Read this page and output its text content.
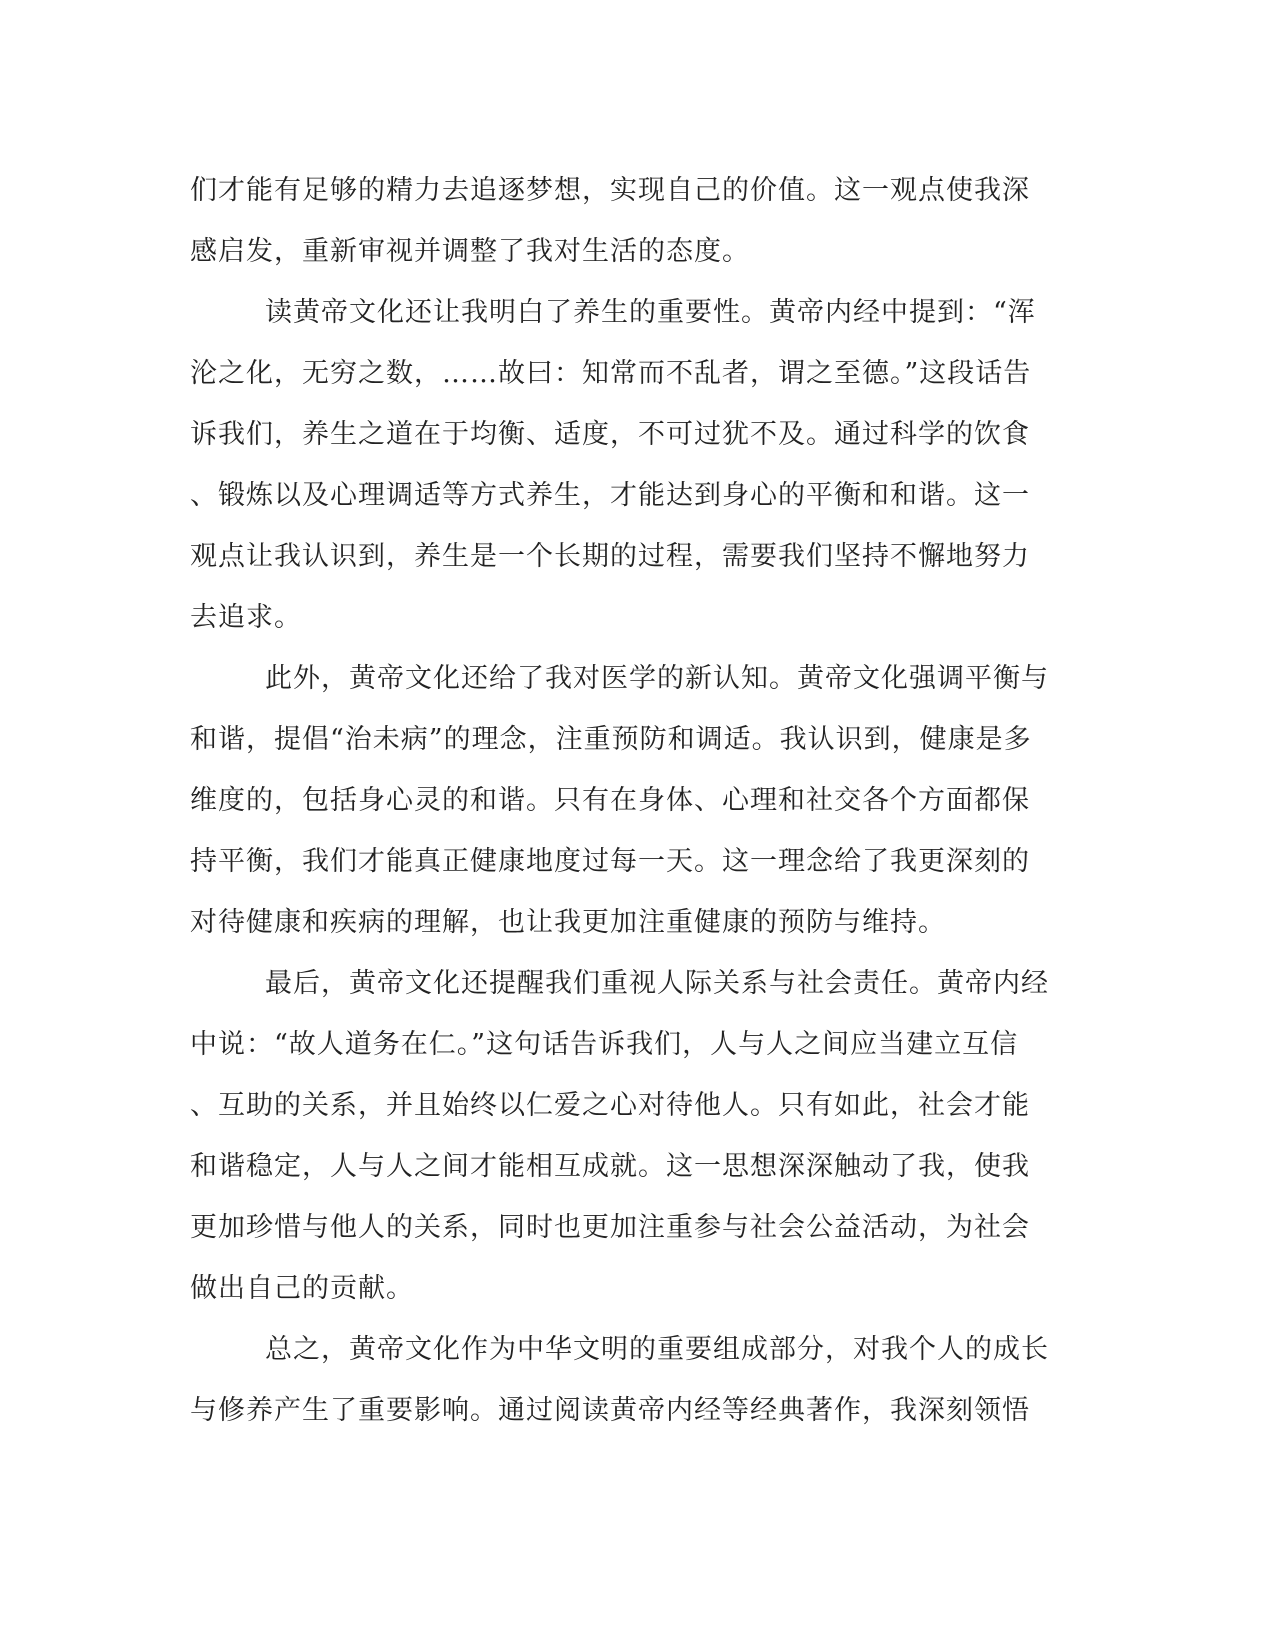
们才能有足够的精力去追逐梦想，实现自己的价值。这一观点使我深
感启发，重新审视并调整了我对生活的态度。
读黄帝文化还让我明白了养生的重要性。黄帝内经中提到：“浑
沦之化，无穷之数，……故曰：知常而不乱者，谓之至德。”这段话告
诉我们，养生之道在于均衡、适度，不可过犹不及。通过科学的饮食
、锻炼以及心理调适等方式养生，才能达到身心的平衡和和谐。这一
观点让我认识到，养生是一个长期的过程，需要我们坚持不懈地努力
去追求。
此外，黄帝文化还给了我对医学的新认知。黄帝文化强调平衡与
和谐，提倡“治未病”的理念，注重预防和调适。我认识到，健康是多
维度的，包括身心灵的和谐。只有在身体、心理和社交各个方面都保
持平衡，我们才能真正健康地度过每一天。这一理念给了我更深刻的
对待健康和疾病的理解，也让我更加注重健康的预防与维持。
最后，黄帝文化还提醒我们重视人际关系与社会责任。黄帝内经
中说：“故人道务在仁。”这句话告诉我们，人与人之间应当建立互信
、互助的关系，并且始终以仁爱之心对待他人。只有如此，社会才能
和谐稳定，人与人之间才能相互成就。这一思想深深触动了我，使我
更加珍惜与他人的关系，同时也更加注重参与社会公益活动，为社会
做出自己的贡献。
总之，黄帝文化作为中华文明的重要组成部分，对我个人的成长
与修养产生了重要影响。通过阅读黄帝内经等经典著作，我深刻领悟
